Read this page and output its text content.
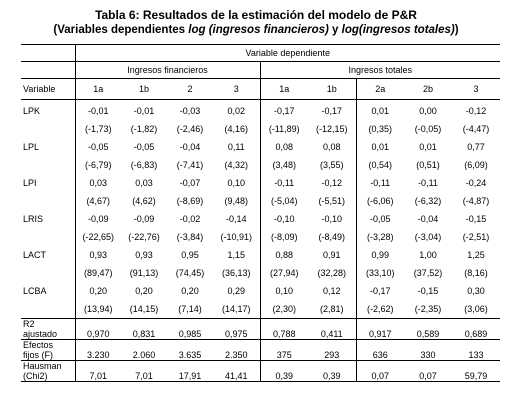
Tabla 6: Resultados de la estimación del modelo de P&R
(Variables dependientes log (ingresos financieros) y log(ingresos totales))
	Variable dependiente								
	Ingresos financieros				Ingresos totales				
Variable	1a	1b	2	3	1a	1b	2a	2b	3
LPK	-0,01	-0,01	-0,03	0,02	-0,17	-0,17	0,01	0,00	-0,12
	(-1,73)	(-1,82)	(-2,46)	(4,16)	(-11,89)	(-12,15)	(0,35)	(-0,05)	(-4,47)
LPL	-0,05	-0,05	-0,04	0,11	0,08	0,08	0,01	0,01	0,77
	(-6,79)	(-6,83)	(-7,41)	(4,32)	(3,48)	(3,55)	(0,54)	(0,51)	(6,09)
LPI	0,03	0,03	-0,07	0,10	-0,11	-0,12	-0,11	-0,11	-0,24
	(4,67)	(4,62)	(-8,69)	(9,48)	(-5,04)	(-5,51)	(-6,06)	(-6,32)	(-4,87)
LRIS	-0,09	-0,09	-0,02	-0,14	-0,10	-0,10	-0,05	-0,04	-0,15
	(-22,65)	(-22,76)	(-3,84)	(-10,91)	(-8,09)	(-8,49)	(-3,28)	(-3,04)	(-2,51)
LACT	0,93	0,93	0,95	1,15	0,88	0,91	0,99	1,00	1,25
	(89,47)	(91,13)	(74,45)	(36,13)	(27,94)	(32,28)	(33,10)	(37,52)	(8,16)
LCBA	0,20	0,20	0,20	0,29	0,10	0,12	-0,17	-0,15	0,30
	(13,94)	(14,15)	(7,14)	(14,17)	(2,30)	(2,81)	(-2,62)	(-2,35)	(3,06)

R2
ajustado	0,970	0,831	0,985	0,975	0,788	0,411	0,917	0,589	0,689

Efectos
fijos (F)	3.230	2.060	3.635	2.350	375	293	636	330	133

Hausman
(Chi2)	7,01	7,01	17,91	41,41	0,39	0,39	0,07	0,07	59,79
